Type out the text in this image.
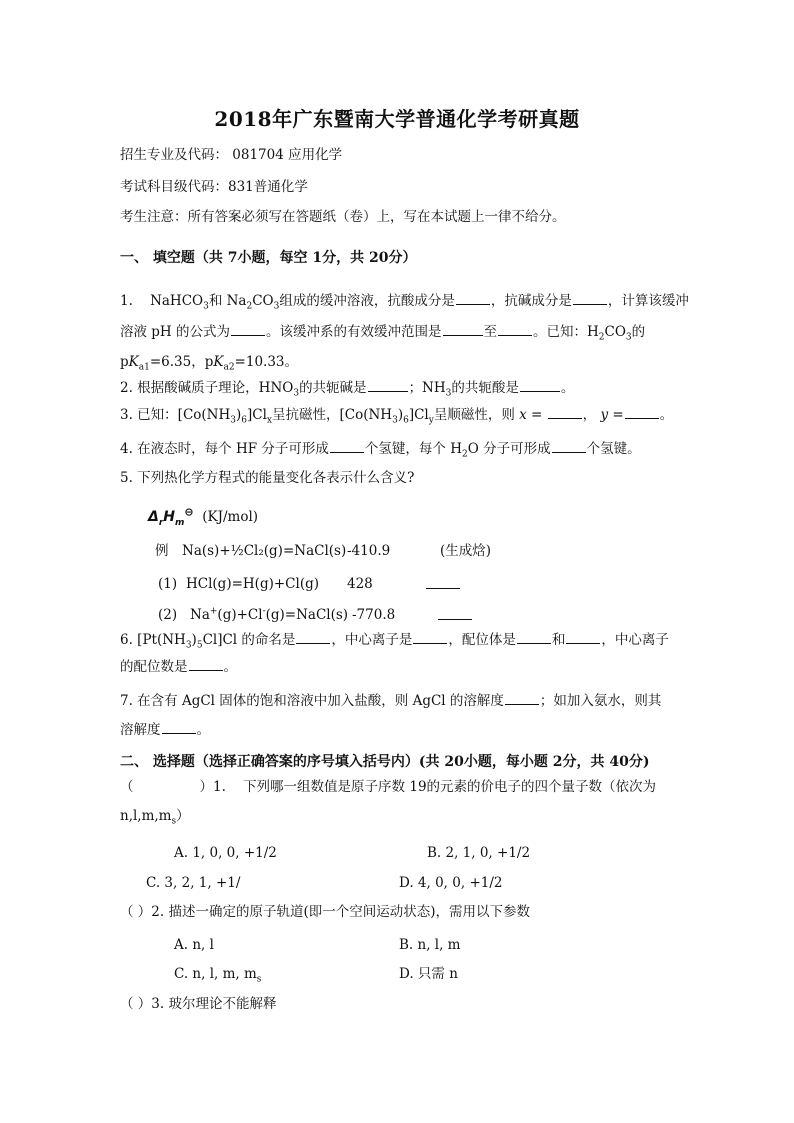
2018年广东暨南大学普通化学考研真题
招生专业及代码： 081704 应用化学
考试科目级代码：831普通化学
考生注意：所有答案必须写在答题纸（卷）上，写在本试题上一律不给分。
一、 填空题（共 7小题，每空 1分，共 20分）
1. NaHCO$_3$和 $Na_2CO_3$组成的缓冲溶液，抗酸成分是	，抗碱成分是	，计算该缓冲
溶液 pH 的公式为	。该缓冲系的有效缓冲范围是	至	。已知：$H_2CO_3$的
$pK_{a1}=6.35$，$pK_{a2}=10.33$。
2. 根据酸碱质子理论，$HNO_3$的共轭碱是	；$NH_3$的共轭酸是	。
3. 已知：$[Co(NH_3)_6]Cl_x$呈抗磁性，$[Co(NH_3)_6]Cl_y$呈顺磁性，则 x =	， y =	。
4. 在液态时，每个 HF 分子可形成	个氢键，每个 $H_2O$ 分子可形成	个氢键。
5. 下列热化学方程式的能量变化各表示什么含义?
$\Delta_rH_m^⊖$ (KJ/mol)
例 Na(s)+½Cl₂(g)=NaCl(s) -410.9	(生成焓)
(1) HCl(g)=H(g)+Cl(g) 428
(2) Na+(g)+Cl-(g)=NaCl(s) -770.8
6. $[Pt(NH_3)_5Cl]Cl$ 的命名是	，中心离子是	，配位体是	和	，中心离子
的配位数是	。
7. 在含有 AgCl 固体的饱和溶液中加入盐酸，则 AgCl 的溶解度	；如加入氨水，则其
溶解度	。
二、 选择题（选择正确答案的序号填入括号内）(共 20小题，每小题 2分，共 40分)
（	）1. 下列哪一组数值是原子序数 19的元素的价电子的四个量子数（依次为
$n,l,m,m_s$）
A. 1, 0, 0, +1/2	B. 2, 1, 0, +1/2
C. 3, 2, 1, +1/	D. 4, 0, 0, +1/2
（ ）2. 描述一确定的原子轨道(即一个空间运动状态)，需用以下参数
A. n, l	B. n, l, m
C. n, l, m, $m_s$	D. 只需 n
（ ）3. 玻尔理论不能解释
